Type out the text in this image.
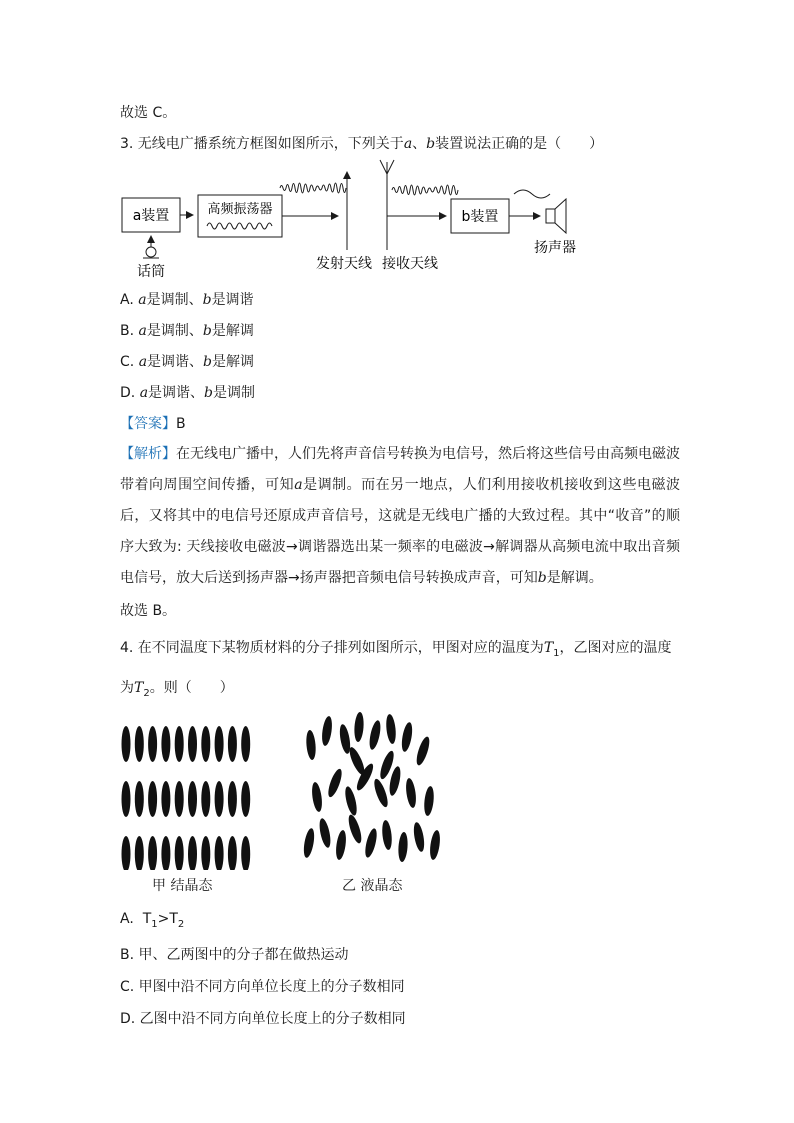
故选 C。
3. 无线电广播系统方框图如图所示，下列关于a、b装置说法正确的是（　　）
a装置
话筒
高频振荡器
发射天线 接收天线
b装置
扬声器
A. a是调制、b是调谐
B. a是调制、b是解调
C. a是调谐、b是解调
D. a是调谐、b是调制
【答案】B
【解析】在无线电广播中，人们先将声音信号转换为电信号，然后将这些信号由高频电磁波带着向周围空间传播，可知a是调制。而在另一地点，人们利用接收机接收到这些电磁波后，又将其中的电信号还原成声音信号，这就是无线电广播的大致过程。其中“收音”的顺序大致为: 天线接收电磁波→调谐器选出某一频率的电磁波→解调器从高频电流中取出音频电信号，放大后送到扬声器→扬声器把音频电信号转换成声音，可知b是解调。
故选 B。
4. 在不同温度下某物质材料的分子排列如图所示，甲图对应的温度为$T_1$，乙图对应的温度
为$T_2$。则（　　）
甲 结晶态	乙 液晶态
A. $T_1>T_2$
B. 甲、乙两图中的分子都在做热运动
C. 甲图中沿不同方向单位长度上的分子数相同
D. 乙图中沿不同方向单位长度上的分子数相同
